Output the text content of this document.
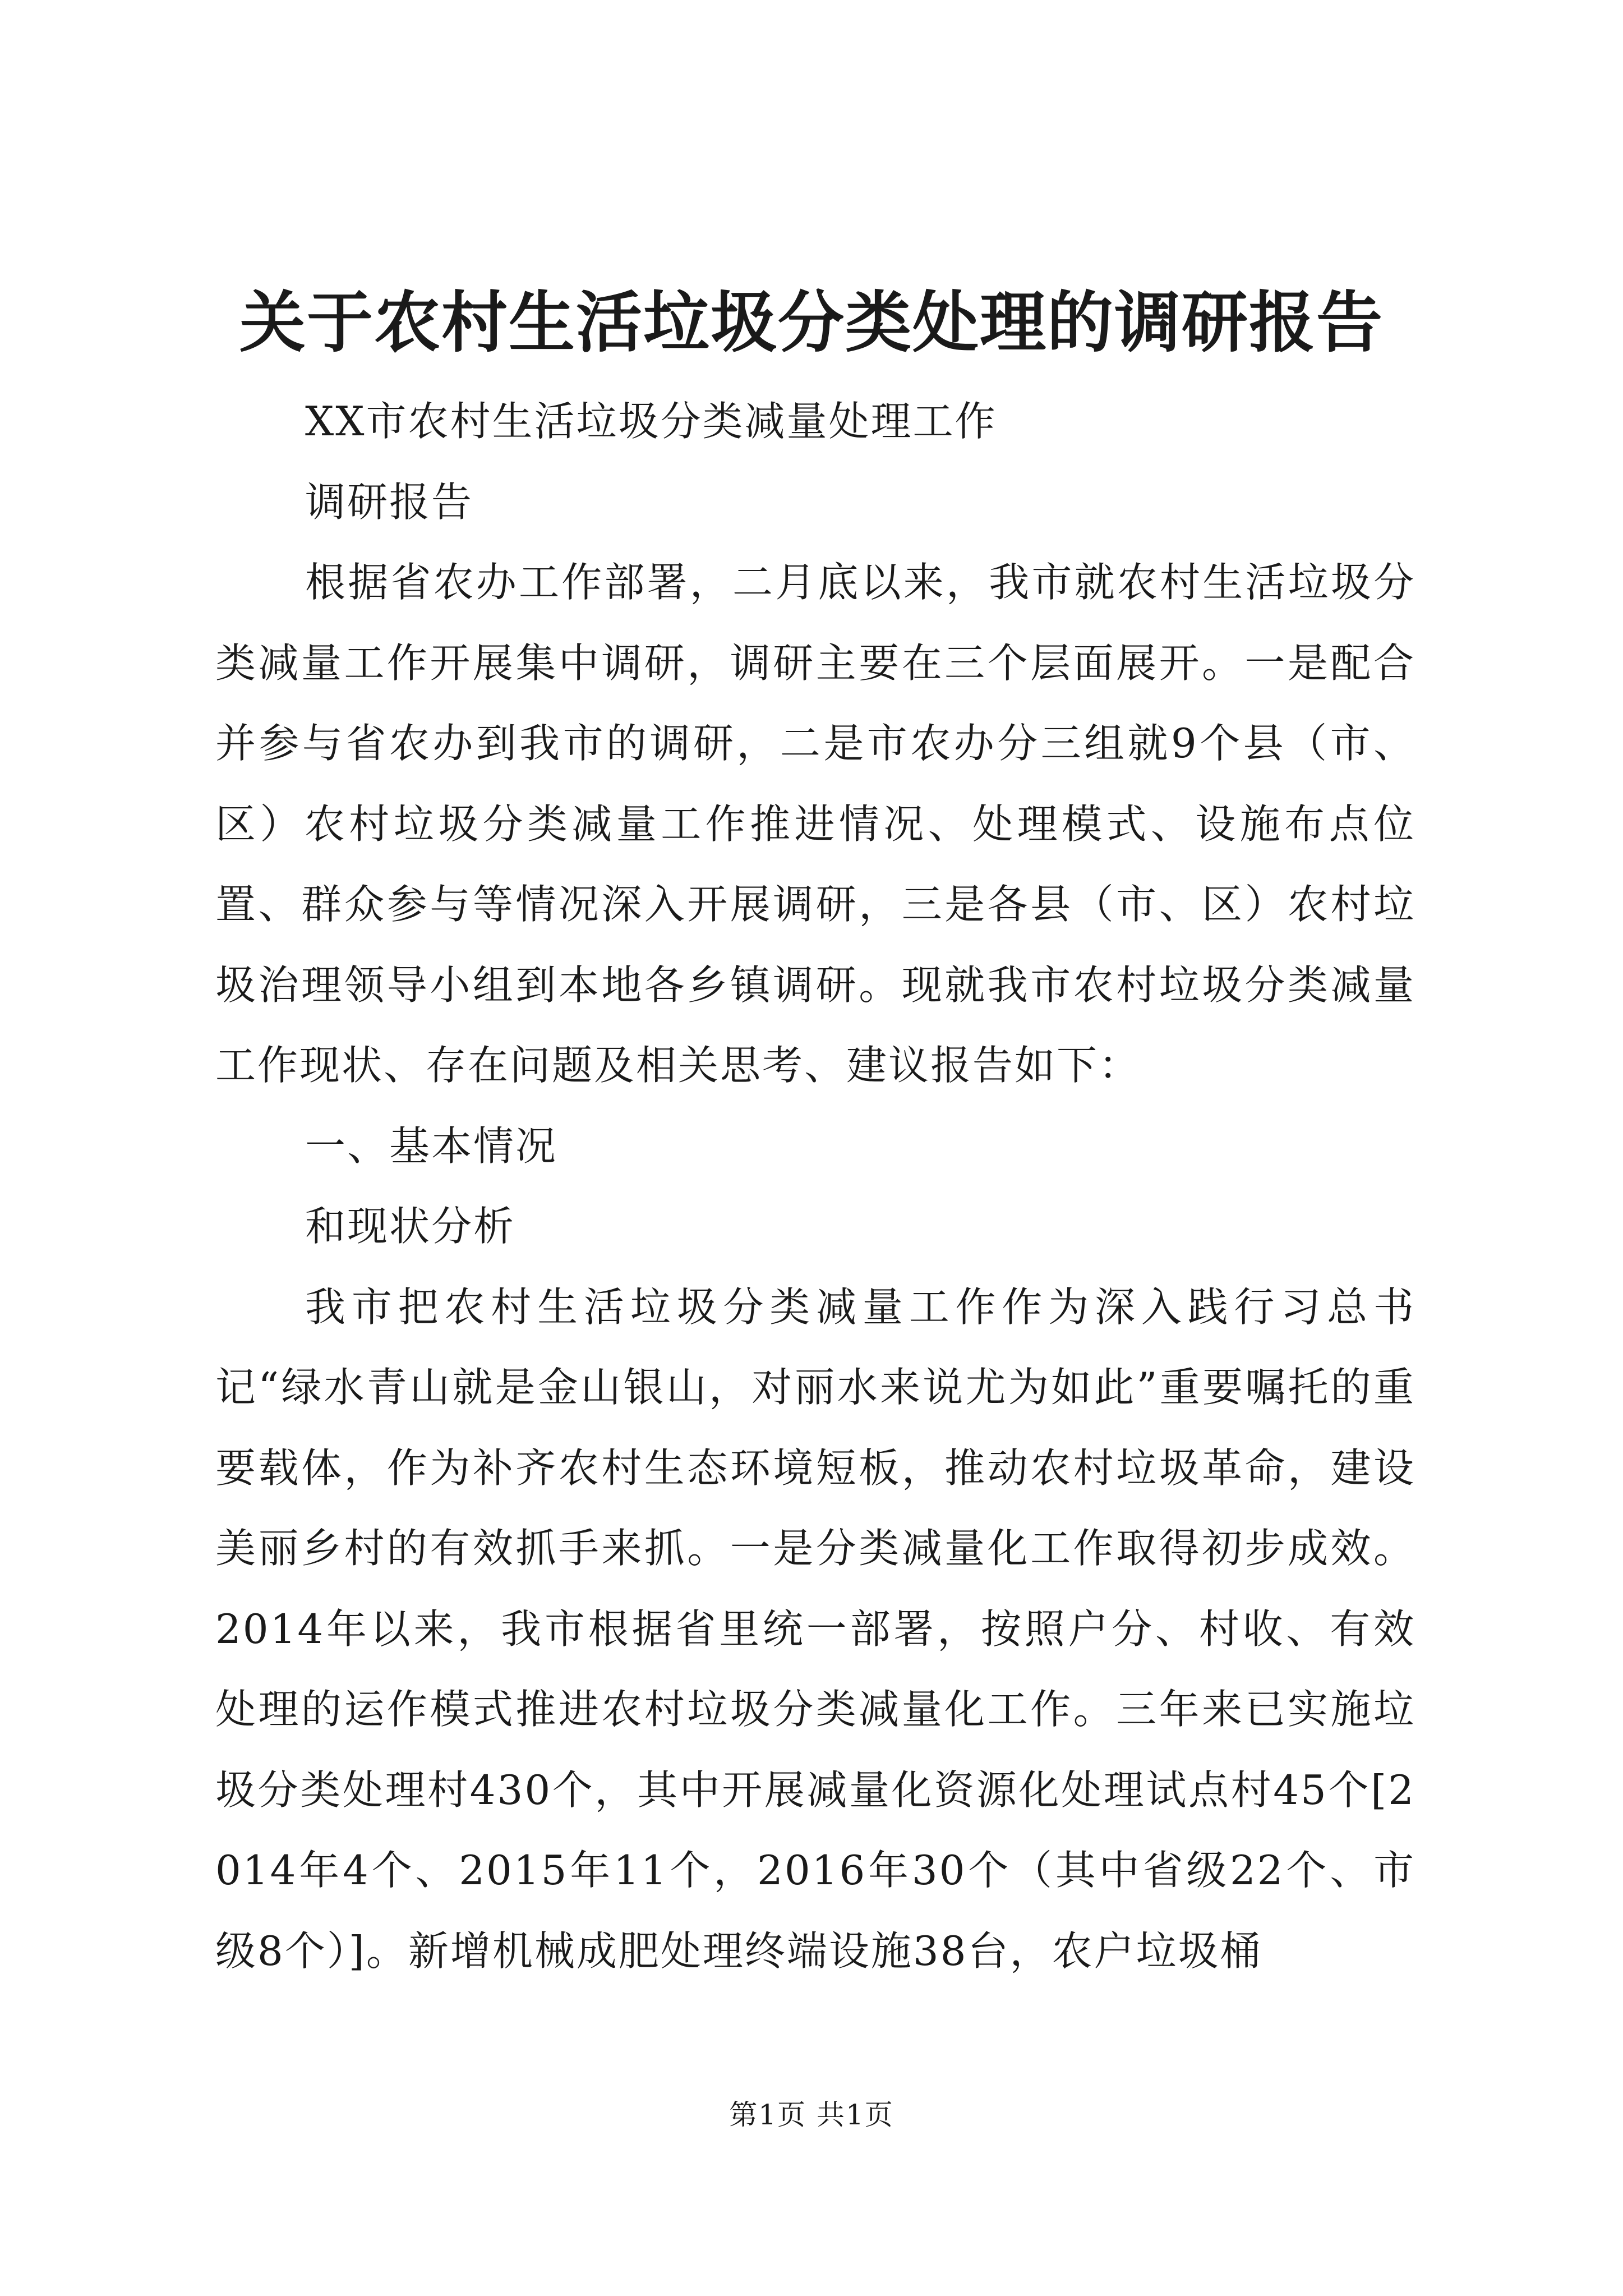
关于农村生活垃圾分类处理的调研报告

XX市农村生活垃圾分类减量处理工作

调研报告

根据省农办工作部署，二月底以来，我市就农村生活垃圾分类减量工作开展集中调研，调研主要在三个层面展开。一是配合并参与省农办到我市的调研，二是市农办分三组就9个县（市、区）农村垃圾分类减量工作推进情况、处理模式、设施布点位置、群众参与等情况深入开展调研，三是各县（市、区）农村垃圾治理领导小组到本地各乡镇调研。现就我市农村垃圾分类减量工作现状、存在问题及相关思考、建议报告如下：

一、基本情况

和现状分析

我市把农村生活垃圾分类减量工作作为深入践行习总书记“绿水青山就是金山银山，对丽水来说尤为如此”重要嘱托的重要载体，作为补齐农村生态环境短板，推动农村垃圾革命，建设美丽乡村的有效抓手来抓。一是分类减量化工作取得初步成效。2014年以来，我市根据省里统一部署，按照户分、村收、有效处理的运作模式推进农村垃圾分类减量化工作。三年来已实施垃圾分类处理村430个，其中开展减量化资源化处理试点村45个[2014年4个、2015年11个，2016年30个（其中省级22个、市级8个）]。新增机械成肥处理终端设施38台，农户垃圾桶

第1页 共1页
